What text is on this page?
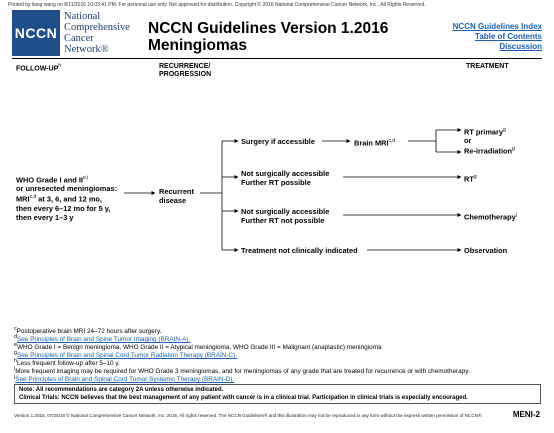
Printed by liang wang on 8/11/2016 10:03:41 PM. For personal use only. Not approved for distribution. Copyright © 2016 National Comprehensive Cancer Network, Inc., All Rights Reserved.
NCCN
National
Comprehensive
Cancer
Network®
NCCN Guidelines Version 1.2016
Meningiomas
NCCN Guidelines Index
Table of Contents
Discussion
FOLLOW-$UP^h$	RECURRENCE/
PROGRESSION
TREATMENT
WHO Grade I and II$^{e,i}$
or unresected meningiomas:
MRI$^{c,d}$ at 3, 6, and 12 mo,
then every 6–12 mo for 5 y,
then every 1–3 y
Recurrent
disease
Surgery if accessible	Brain MRI$^{c,d}$
RT primary$^g$
or
Re-irradiation$^g$
Not surgically accessible
Further RT possible	$RT^g$
Not surgically accessible
Further RT not possible	Chemotherapy$^j$
Treatment not clinically indicated	Observation
$^c$Postoperative brain MRI 24–72 hours after surgery.
$^d$See Principles of Brain and Spine Tumor Imaging (BRAIN-A).
$^e$WHO Grade I = Benign meningioma, WHO Grade II = Atypical meningioma, WHO Grade III = Malignant (anaplastic) meningioma
$^g$See Principles of Brain and Spinal Cord Tumor Radiation Therapy (BRAIN-C).
$^h$Less frequent follow-up after 5–10 y.
$^i$More frequent imaging may be required for WHO Grade 3 meningiomas, and for meningiomas of any grade that are treated for recurrence or with chemotherapy.
$^j$See Principles of Brain and Spinal Cord Tumor Systemic Therapy (BRAIN-D).
Note: All recommendations are category 2A unless otherwise indicated.
Clinical Trials: NCCN believes that the best management of any patient with cancer is in a clinical trial. Participation in clinical trials is especially encouraged.
Version 1.2016, 07/25/16 © National Comprehensive Cancer Network, Inc. 2016, All rights reserved. The NCCN Guidelines® and this illustration may not be reproduced in any form without the express written permission of NCCN®.	MENI-2
